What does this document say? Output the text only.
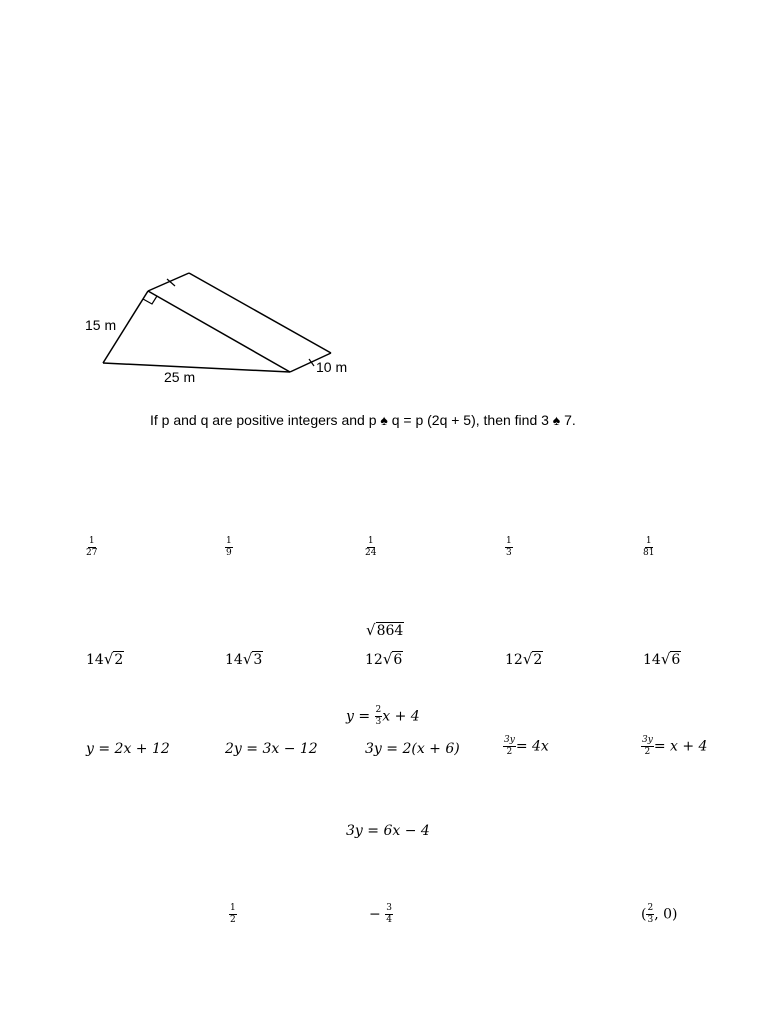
15 m
25 m
10 m
If p and q are positive integers and p ♠ q = p (2q + 5), then find 3 ♠ 7.
$\frac{1}{27}$	$\frac{1}{9}$	$\frac{1}{24}$	$\frac{1}{3}$	$\frac{1}{81}$
√ 864
14 √ 2	14 √ 3	12 √ 6	12 √ 2	14 √ 6
$y = \frac{2}{3}$ x + 4
y = 2x + 12	2y = 3x − 12	3y = 2(x + 6)	$\frac{3y}{2} = 4x$	$\frac{3y}{2} = x + 4$
3y = 6x − 4
$\frac{1}{2}$	− $\frac{3}{4}$	( $\frac{2}{3}$ , 0)
